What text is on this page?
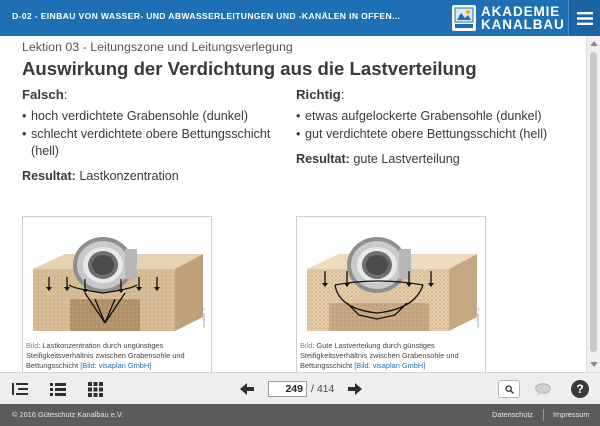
D-02 - EINBAU VON WASSER- UND ABWASSERLEITUNGEN UND -KANÄLEN IN OFFEN...	AKADEMIE
KANALBAU
Lektion 03 - Leitungszone und Leitungsverlegung
Auswirkung der Verdichtung aus die Lastverteilung
Falsch:
• hoch verdichtete Grabensohle (dunkel)
• schlecht verdichtete obere Bettungsschicht (hell)
Resultat: Lastkonzentration
Richtig:
• etwas aufgelockerte Grabensohle (dunkel)
• gut verdichtete obere Bettungsschicht (hell)
Resultat: gute Lastverteilung
© visaplan
Bild: Lastkonzentration durch ungünstiges Steifigkeitsverhältnis zwischen Grabensohle und Bettungsschicht [Bild: visaplan GmbH]
© visaplan
Bild: Gute Lastverteilung durch günstiges Steifigkeitsverhältnis zwischen Grabensohle und Bettungsschicht [Bild: visaplan GmbH]
249
/ 414	?
© 2016 Güteschutz Kanalbau e.V.	Datenschutz	Impressum
